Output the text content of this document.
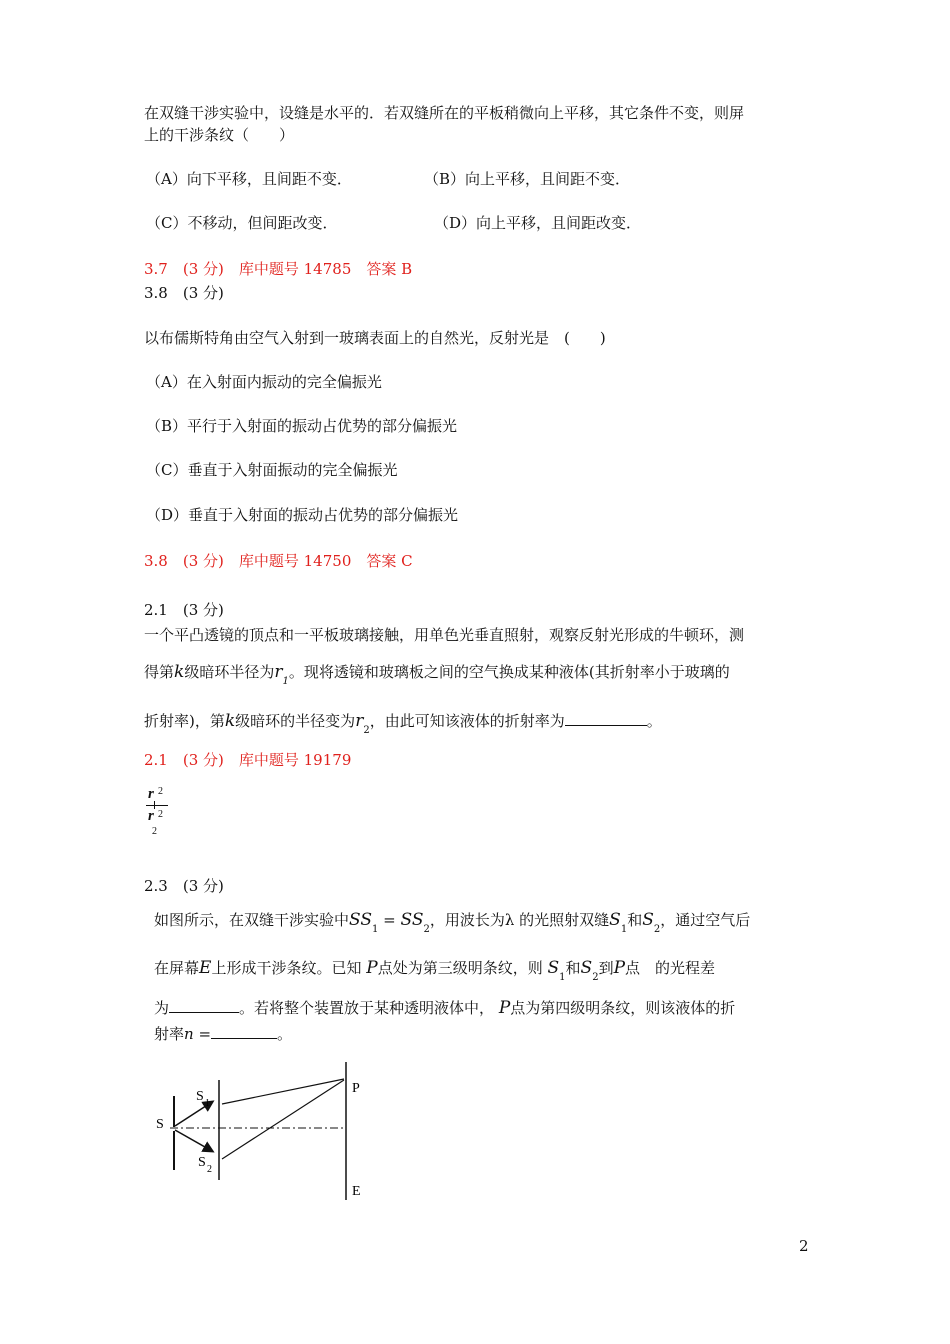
在双缝干涉实验中，设缝是水平的．若双缝所在的平板稍微向上平移，其它条件不变，则屏
上的干涉条纹（　　）
（A）向下平移，且间距不变．	（B）向上平移，且间距不变．
（C）不移动，但间距改变．	（D）向上平移，且间距改变．
3.7　(3 分)　库中题号 14785　答案 B
3.8　(3 分)
以布儒斯特角由空气入射到一玻璃表面上的自然光，反射光是　(　　)
（A）在入射面内振动的完全偏振光
（B）平行于入射面的振动占优势的部分偏振光
（C）垂直于入射面振动的完全偏振光
（D）垂直于入射面的振动占优势的部分偏振光
3.8　(3 分)　库中题号 14750　答案 C
2.1　(3 分)
一个平凸透镜的顶点和一平板玻璃接触，用单色光垂直照射，观察反射光形成的牛顿环，测
得第k级暗环半径为$r_1$。现将透镜和玻璃板之间的空气换成某种液体(其折射率小于玻璃的
折射率)，第k级暗环的半径变为$r_2$，由此可知该液体的折射率为	。
2.1　(3 分)　库中题号 19179
r 2
r 2
2
2.3　(3 分)
如图所示，在双缝干涉实验中$SS_1 = SS_2$，用波长为λ 的光照射双缝$S_1$和$S_2$，通过空气后
在屏幕E上形成干涉条纹。已知 P点处为第三级明条纹，则 $S_1$和$S_2$到P点　的光程差
为	。若将整个装置放于某种透明液体中， P点为第四级明条纹，则该液体的折
射率n =	。
S
S 1
S 2
P
E
2
